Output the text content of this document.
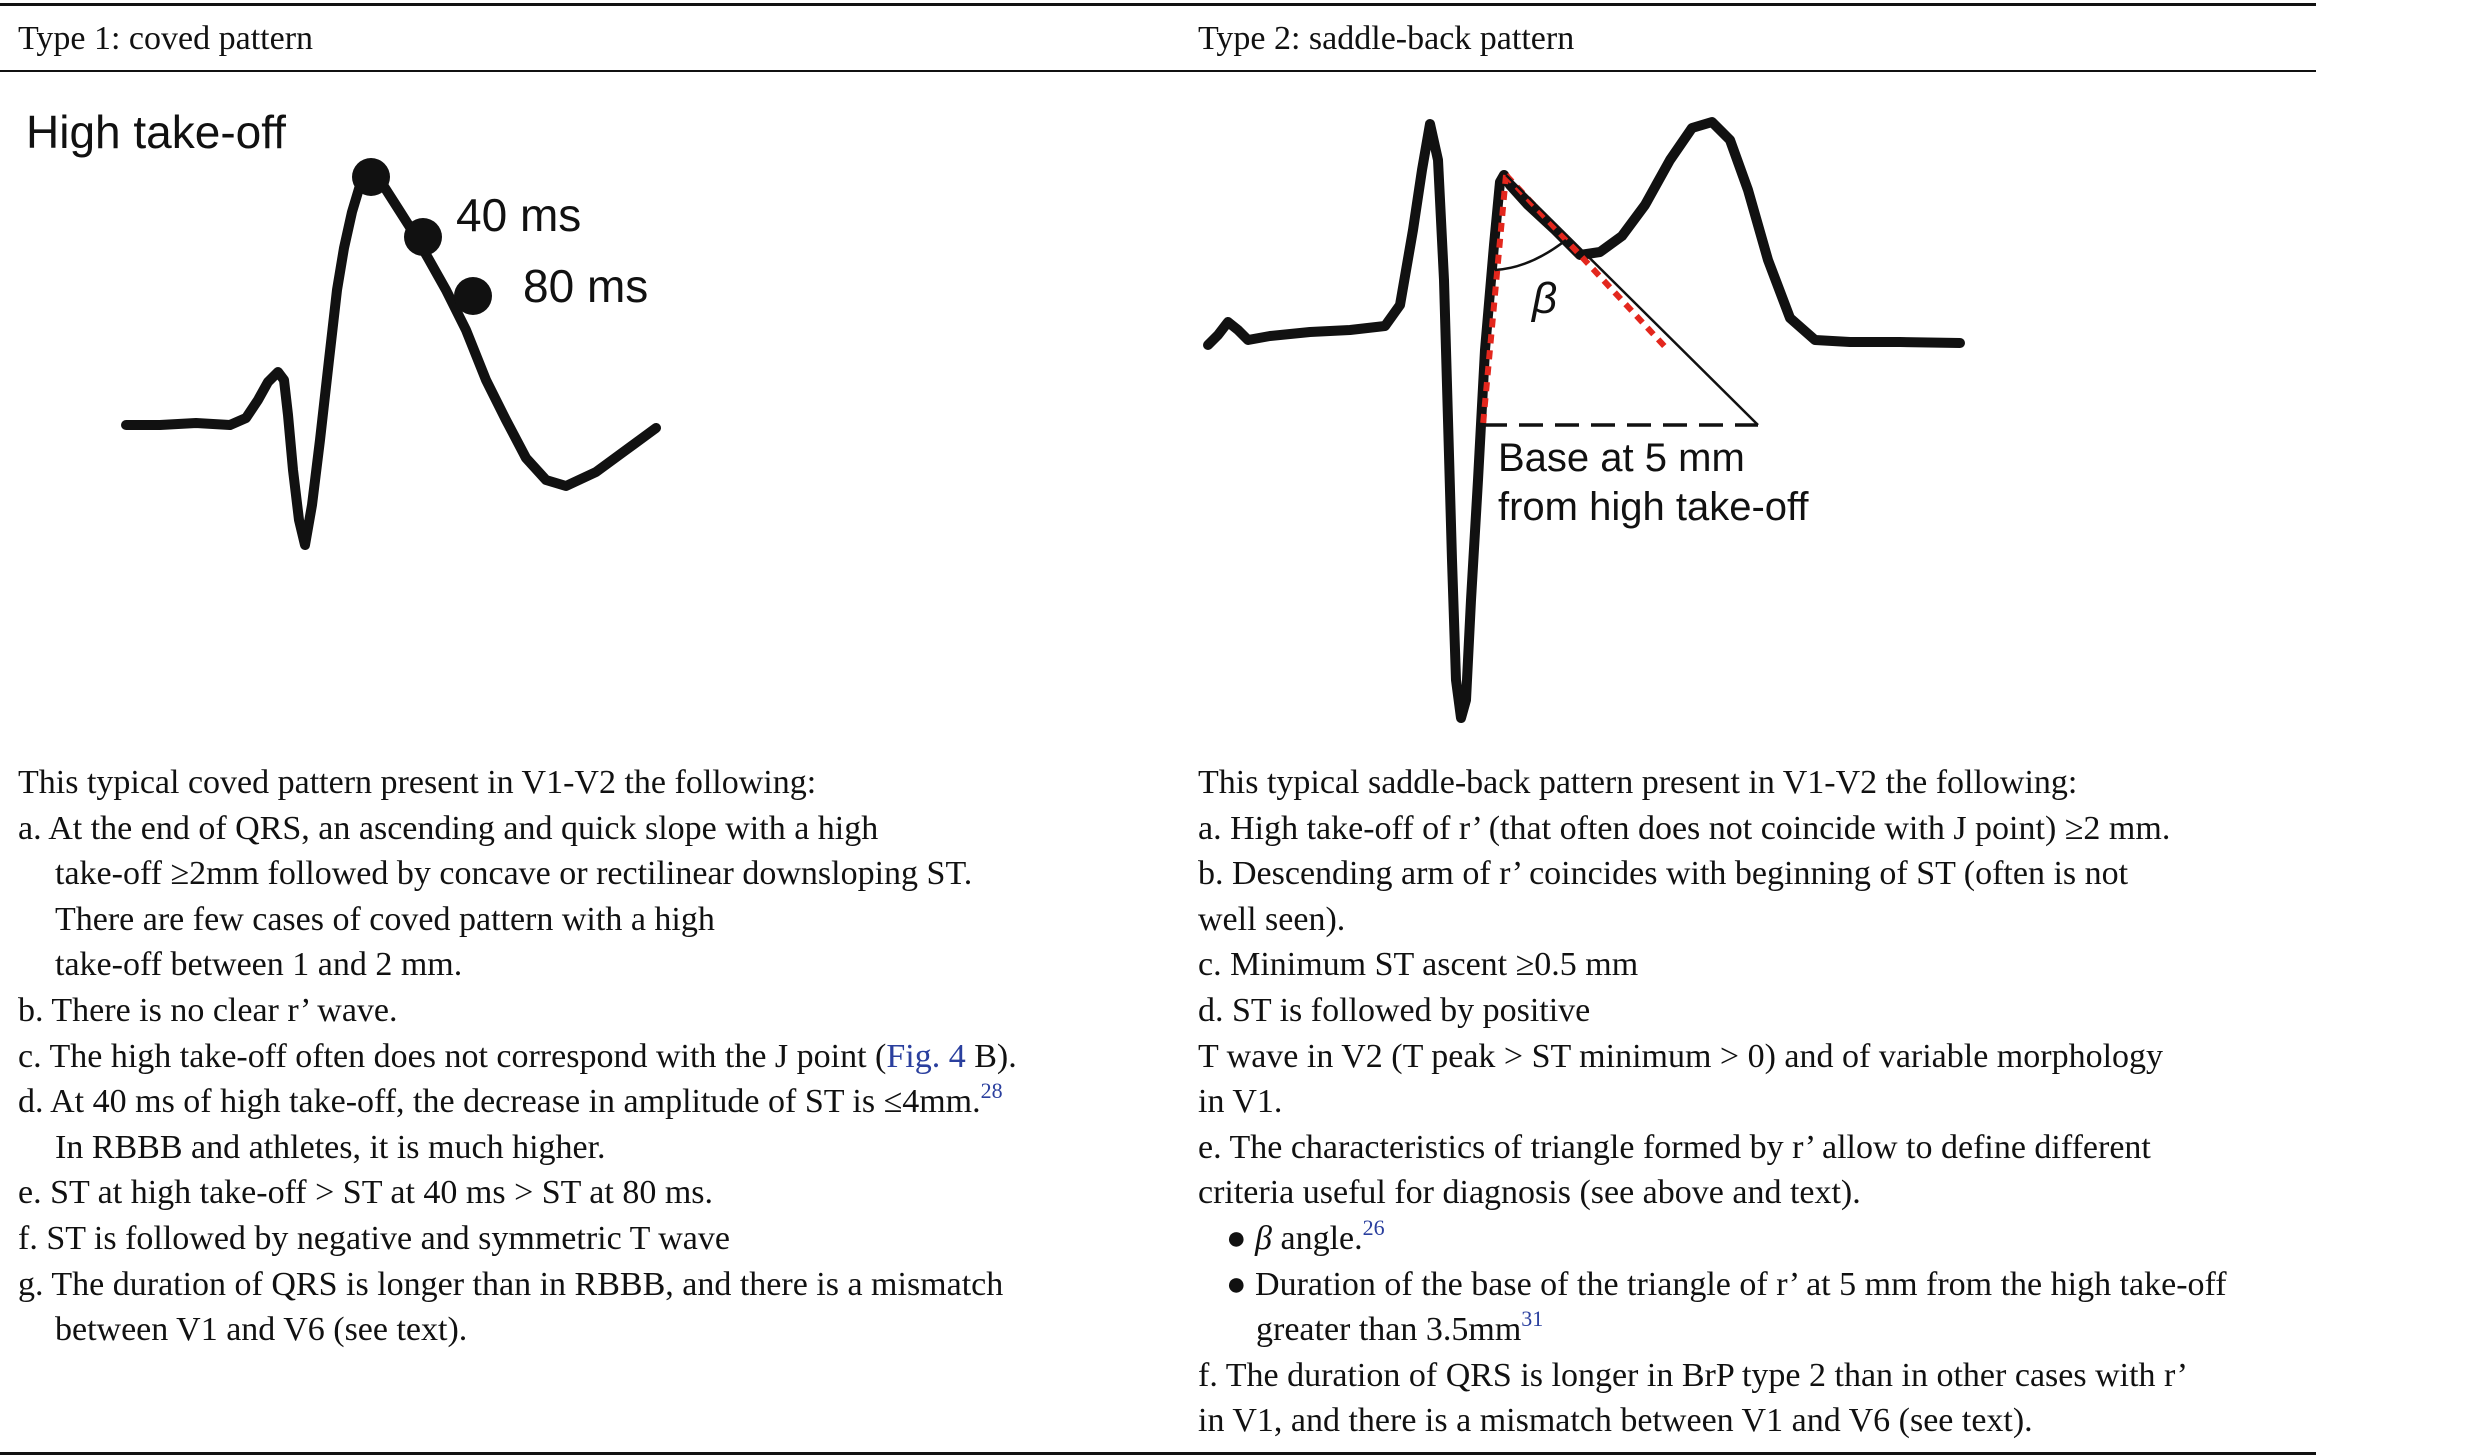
Type 1: coved pattern	Type 2: saddle-back pattern
High take-off
40 ms
80 ms	β
Base at 5 mm
from high take-off

This typical coved pattern present in V1-V2 the following:

a. At the end of QRS, an ascending and quick slope with a high

take-off ≥2mm followed by concave or rectilinear downsloping ST.

There are few cases of coved pattern with a high

take-off between 1 and 2 mm.

b. There is no clear r’ wave.

c. The high take-off often does not correspond with the J point (Fig. 4 B).

d. At 40 ms of high take-off, the decrease in amplitude of ST is ≤4mm.$^{28}$

In RBBB and athletes, it is much higher.

e. ST at high take-off > ST at 40 ms > ST at 80 ms.

f. ST is followed by negative and symmetric T wave

g. The duration of QRS is longer than in RBBB, and there is a mismatch

between V1 and V6 (see text).

This typical saddle-back pattern present in V1-V2 the following:

a. High take-off of r’ (that often does not coincide with J point) ≥2 mm.

b. Descending arm of r’ coincides with beginning of ST (often is not

well seen).

c. Minimum ST ascent ≥0.5 mm

d. ST is followed by positive

T wave in V2 (T peak > ST minimum > 0) and of variable morphology

in V1.

e. The characteristics of triangle formed by r’ allow to define different

criteria useful for diagnosis (see above and text).

● β angle.$^{26}$

● Duration of the base of the triangle of r’ at 5 mm from the high take-off

greater than $3.5mm^{31}$

f. The duration of QRS is longer in BrP type 2 than in other cases with r’

in V1, and there is a mismatch between V1 and V6 (see text).
